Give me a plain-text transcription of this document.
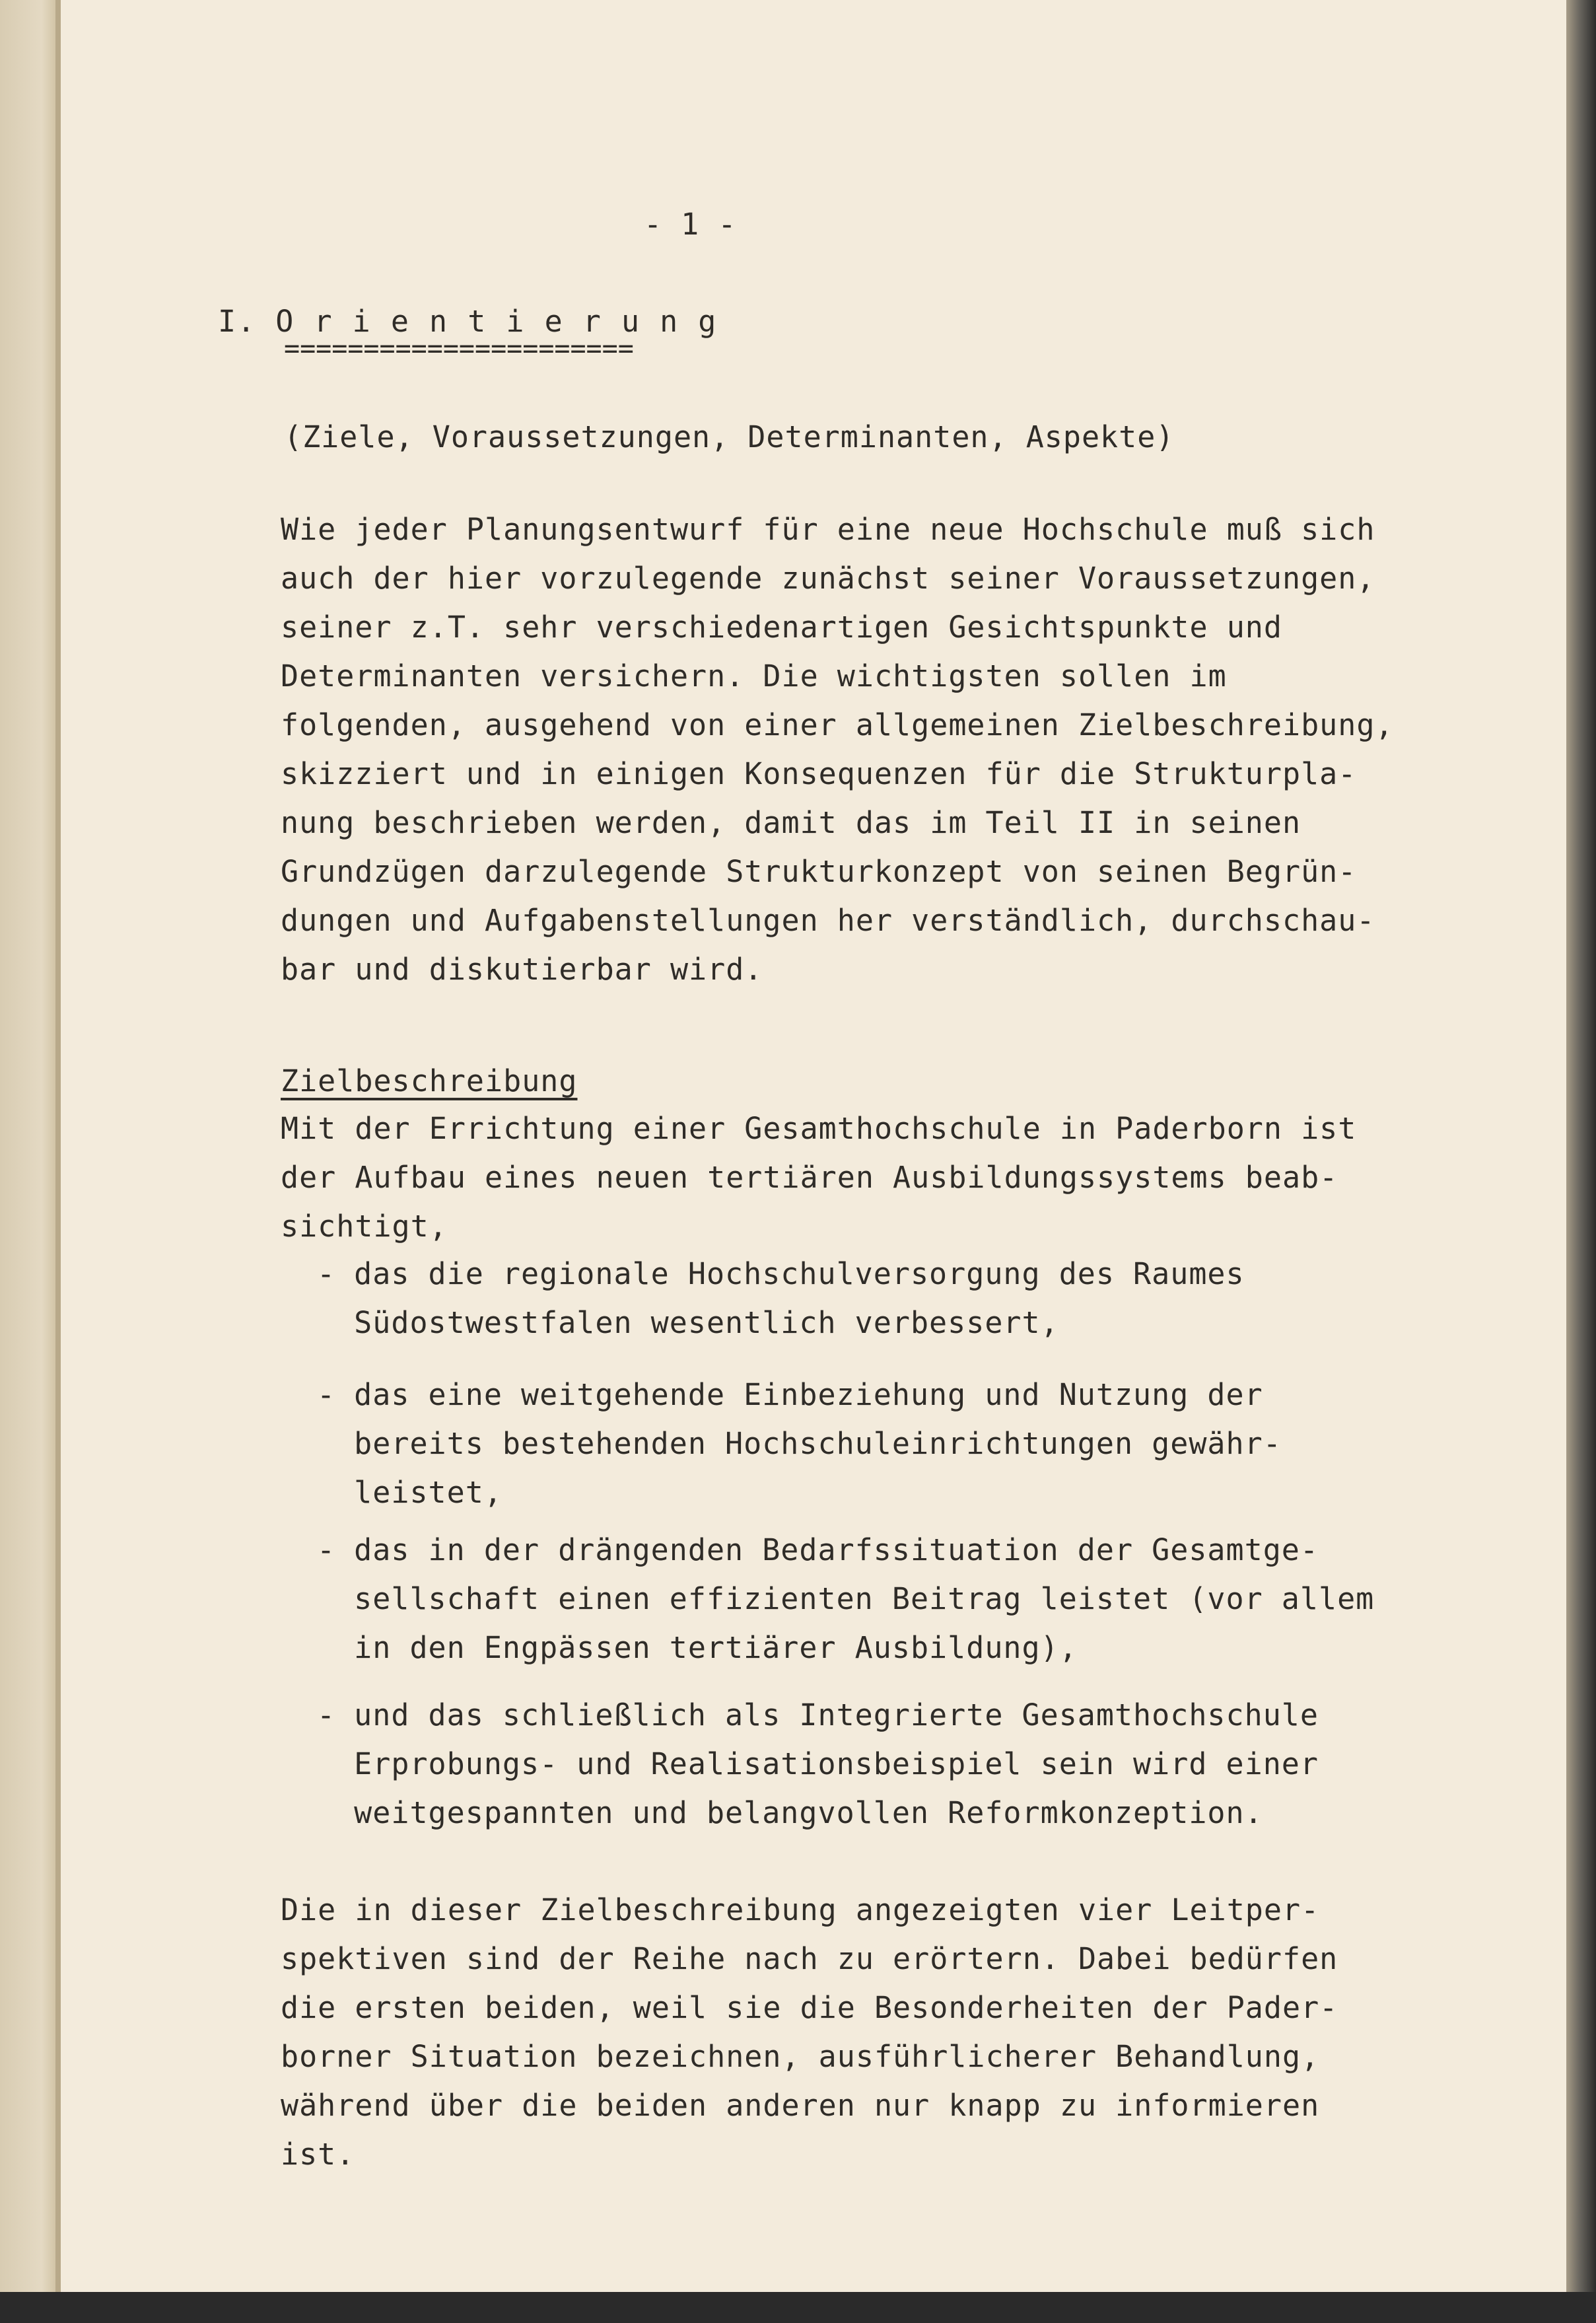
- 1 -
I. O r i e n t i e r u n g
======================
(Ziele, Voraussetzungen, Determinanten, Aspekte)
Wie jeder Planungsentwurf für eine neue Hochschule muß sich
auch der hier vorzulegende zunächst seiner Voraussetzungen,
seiner z.T. sehr verschiedenartigen Gesichtspunkte und
Determinanten versichern. Die wichtigsten sollen im
folgenden, ausgehend von einer allgemeinen Zielbeschreibung,
skizziert und in einigen Konsequenzen für die Strukturpla-
nung beschrieben werden, damit das im Teil II in seinen
Grundzügen darzulegende Strukturkonzept von seinen Begrün-
dungen und Aufgabenstellungen her verständlich, durchschau-
bar und diskutierbar wird.
Zielbeschreibung
Mit der Errichtung einer Gesamthochschule in Paderborn ist
der Aufbau eines neuen tertiären Ausbildungssystems beab-
sichtigt,
- das die regionale Hochschulversorgung des Raumes
Südostwestfalen wesentlich verbessert,
- das eine weitgehende Einbeziehung und Nutzung der
bereits bestehenden Hochschuleinrichtungen gewähr-
leistet,
- das in der drängenden Bedarfssituation der Gesamtge-
sellschaft einen effizienten Beitrag leistet (vor allem
in den Engpässen tertiärer Ausbildung),
- und das schließlich als Integrierte Gesamthochschule
Erprobungs- und Realisationsbeispiel sein wird einer
weitgespannten und belangvollen Reformkonzeption.
Die in dieser Zielbeschreibung angezeigten vier Leitper-
spektiven sind der Reihe nach zu erörtern. Dabei bedürfen
die ersten beiden, weil sie die Besonderheiten der Pader-
borner Situation bezeichnen, ausführlicherer Behandlung,
während über die beiden anderen nur knapp zu informieren
ist.
